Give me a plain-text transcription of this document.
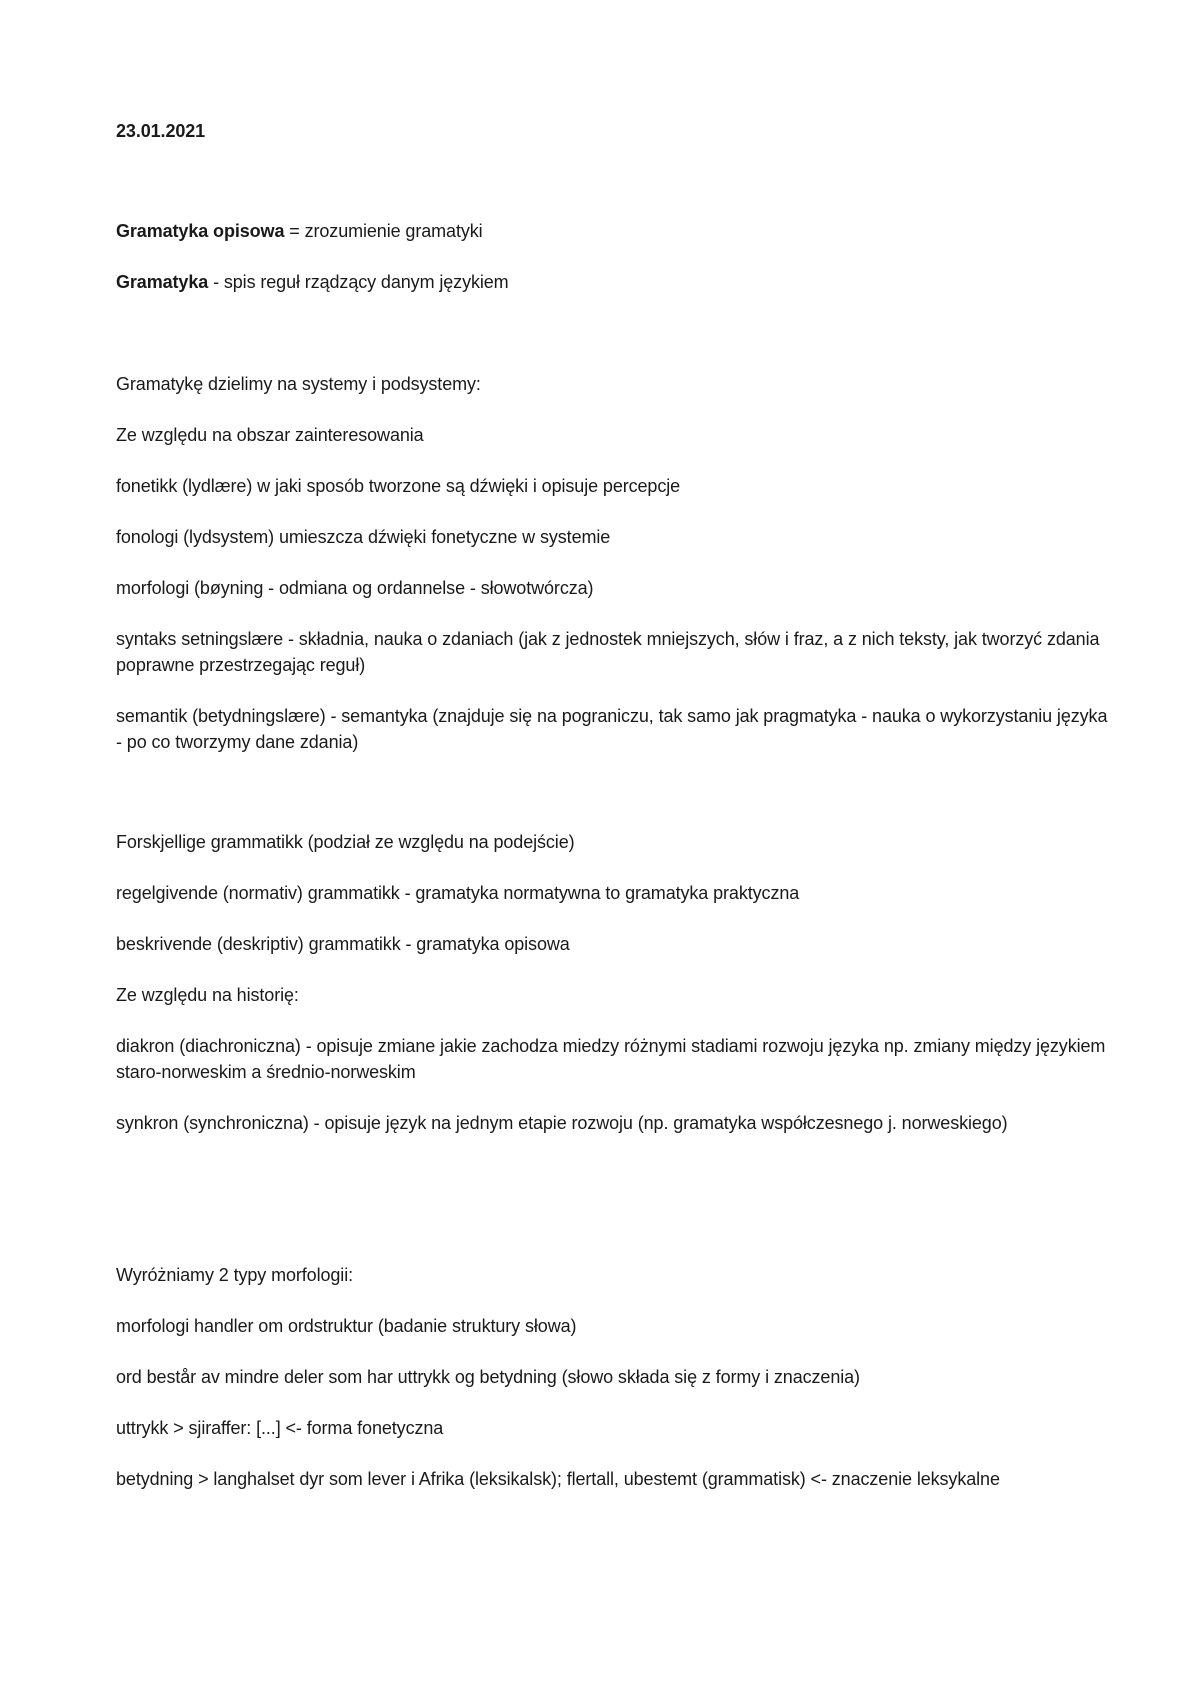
23.01.2021
Gramatyka opisowa = zrozumienie gramatyki
Gramatyka - spis reguł rządzący danym językiem
Gramatykę dzielimy na systemy i podsystemy:
Ze względu na obszar zainteresowania
fonetikk (lydlære) w jaki sposób tworzone są dźwięki i opisuje percepcje
fonologi (lydsystem) umieszcza dźwięki fonetyczne w systemie
morfologi (bøyning - odmiana og ordannelse - słowotwórcza)
syntaks setningslære - składnia, nauka o zdaniach (jak z jednostek mniejszych, słów i fraz, a z nich teksty, jak tworzyć zdania poprawne przestrzegając reguł)
semantik (betydningslære) - semantyka (znajduje się na pograniczu, tak samo jak pragmatyka - nauka o wykorzystaniu języka - po co tworzymy dane zdania)
Forskjellige grammatikk (podział ze względu na podejście)
regelgivende (normativ) grammatikk - gramatyka normatywna to gramatyka praktyczna
beskrivende (deskriptiv) grammatikk - gramatyka opisowa
Ze względu na historię:
diakron (diachroniczna) - opisuje zmiane jakie zachodza miedzy różnymi stadiami rozwoju języka np. zmiany między językiem staro-norweskim a średnio-norweskim
synkron (synchroniczna) - opisuje język na jednym etapie rozwoju (np. gramatyka współczesnego j. norweskiego)
Wyróżniamy 2 typy morfologii:
morfologi handler om ordstruktur (badanie struktury słowa)
ord består av mindre deler som har uttrykk og betydning (słowo składa się z formy i znaczenia)
uttrykk > sjiraffer: [...] <- forma fonetyczna
betydning > langhalset dyr som lever i Afrika (leksikalsk); flertall, ubestemt (grammatisk) <- znaczenie leksykalne
